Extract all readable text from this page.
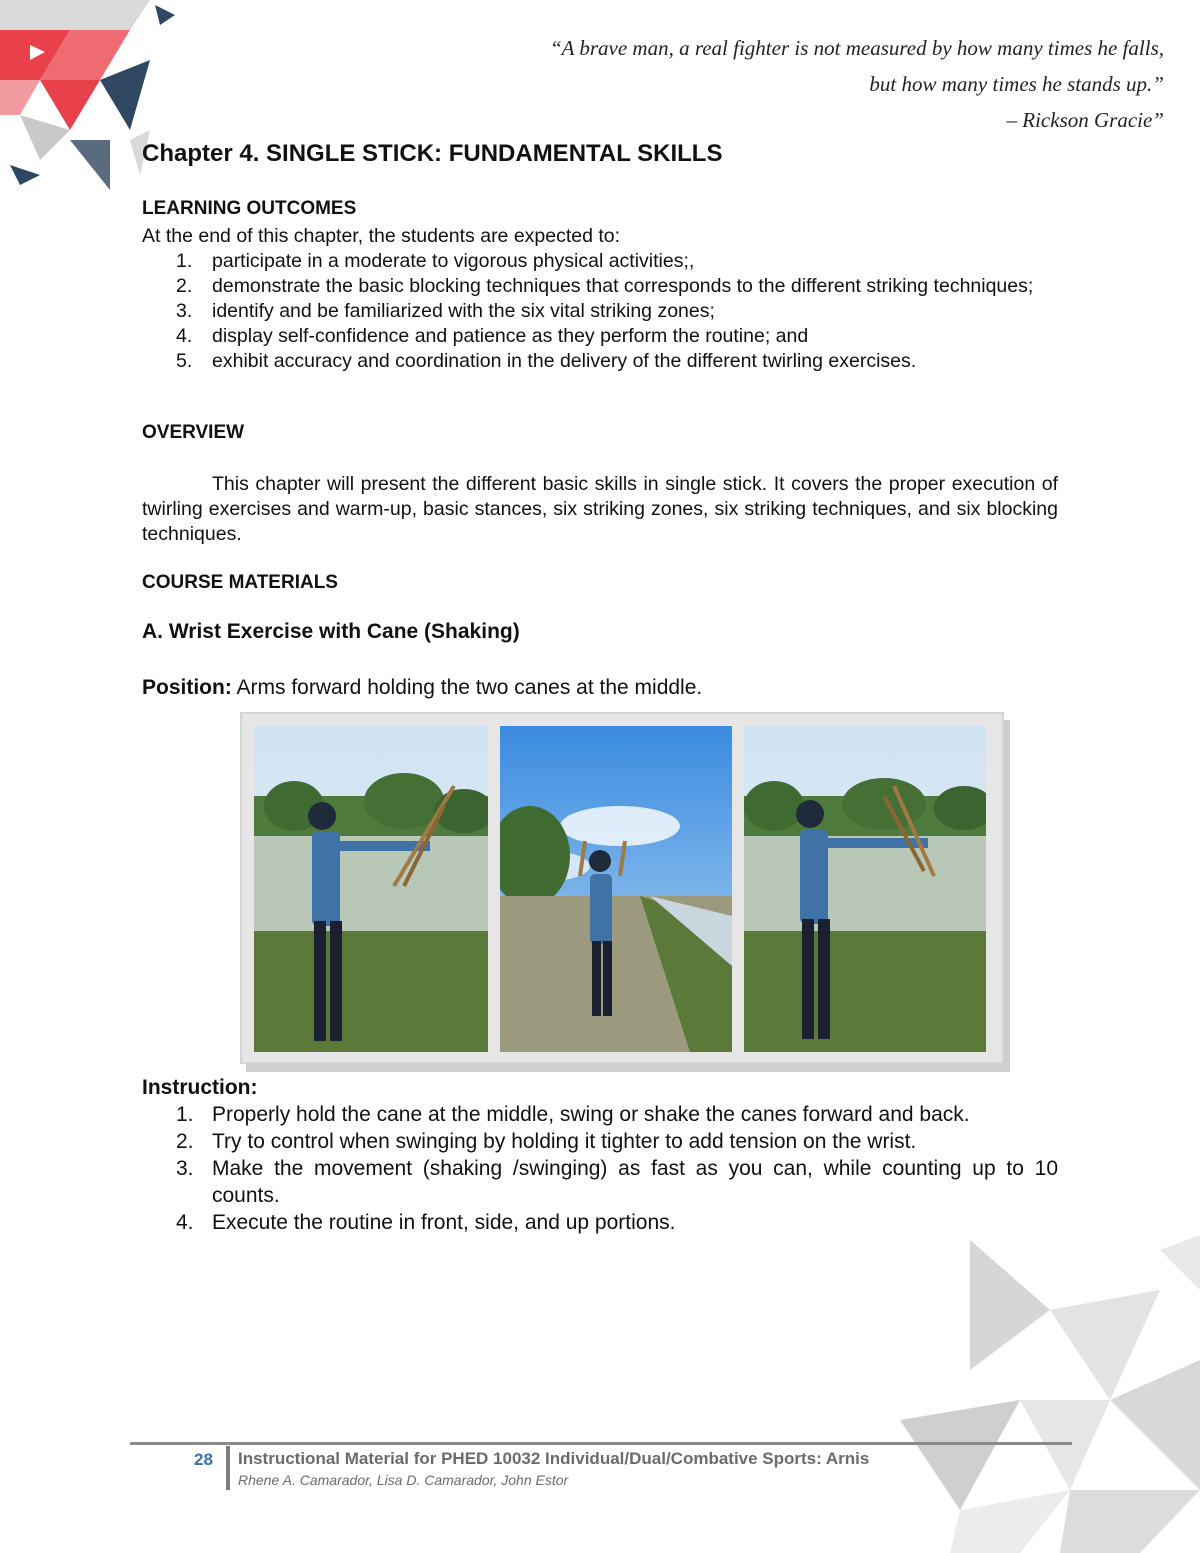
“A brave man, a real fighter is not measured by how many times he falls,
but how many times he stands up.”
– Rickson Gracie”
Chapter 4. SINGLE STICK: FUNDAMENTAL SKILLS
LEARNING OUTCOMES
At the end of this chapter, the students are expected to:
1. participate in a moderate to vigorous physical activities;,
2. demonstrate the basic blocking techniques that corresponds to the different striking techniques;
3. identify and be familiarized with the six vital striking zones;
4. display self-confidence and patience as they perform the routine; and
5. exhibit accuracy and coordination in the delivery of the different twirling exercises.
OVERVIEW
This chapter will present the different basic skills in single stick. It covers the proper execution of twirling exercises and warm-up, basic stances, six striking zones, six striking techniques, and six blocking techniques.
COURSE MATERIALS
A. Wrist Exercise with Cane (Shaking)
Position: Arms forward holding the two canes at the middle.
Instruction:
1. Properly hold the cane at the middle, swing or shake the canes forward and back.
2. Try to control when swinging by holding it tighter to add tension on the wrist.
3. Make the movement (shaking /swinging) as fast as you can, while counting up to 10 counts.
4. Execute the routine in front, side, and up portions.
28 Instructional Material for PHED 10032 Individual/Dual/Combative Sports: Arnis
Rhene A. Camarador, Lisa D. Camarador, John Estor
